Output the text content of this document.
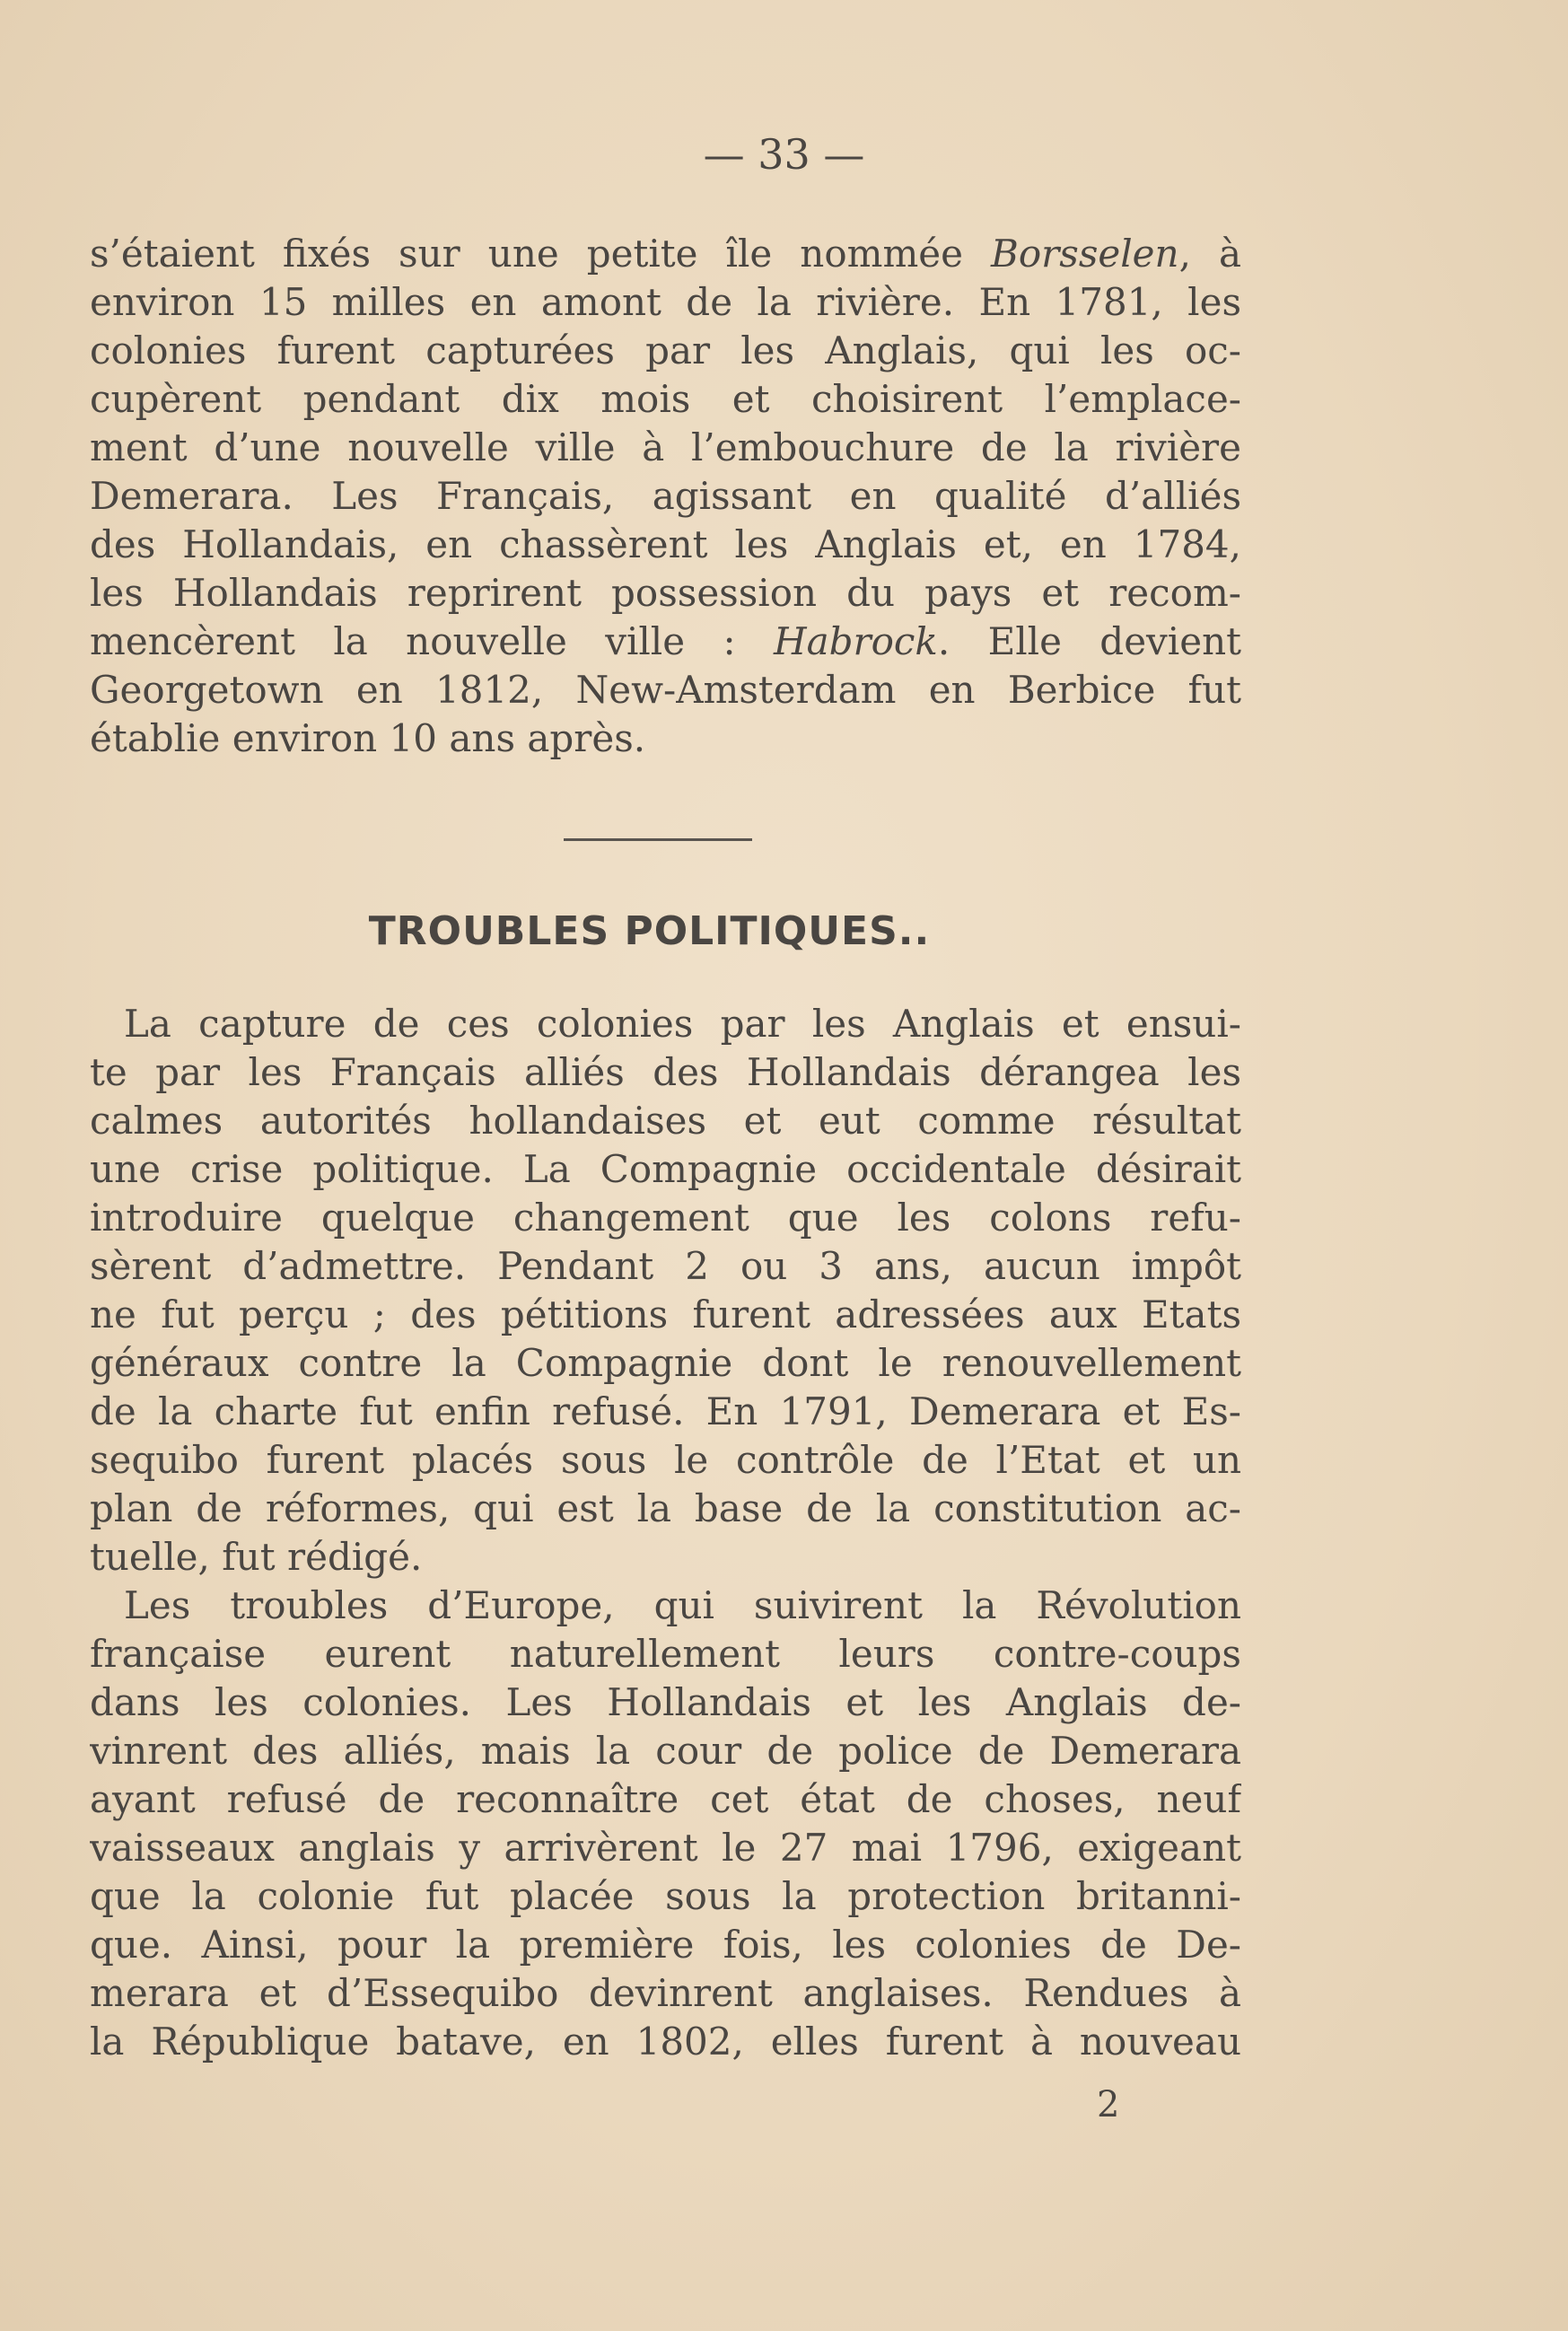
— 33 —
s’étaient fixés sur une petite île nommée Borsselen, à
environ 15 milles en amont de la rivière. En 1781, les
colonies furent capturées par les Anglais, qui les oc-
cupèrent pendant dix mois et choisirent l’emplace-
ment d’une nouvelle ville à l’embouchure de la rivière
Demerara. Les Français, agissant en qualité d’alliés
des Hollandais, en chassèrent les Anglais et, en 1784,
les Hollandais reprirent possession du pays et recom-
mencèrent la nouvelle ville : Habrock. Elle devient
Georgetown en 1812, New-Amsterdam en Berbice fut
établie environ 10 ans après.
TROUBLES POLITIQUES..
La capture de ces colonies par les Anglais et ensui-
te par les Français alliés des Hollandais dérangea les
calmes autorités hollandaises et eut comme résultat
une crise politique. La Compagnie occidentale désirait
introduire quelque changement que les colons refu-
sèrent d’admettre. Pendant 2 ou 3 ans, aucun impôt
ne fut perçu ; des pétitions furent adressées aux Etats
généraux contre la Compagnie dont le renouvellement
de la charte fut enfin refusé. En 1791, Demerara et Es-
sequibo furent placés sous le contrôle de l’Etat et un
plan de réformes, qui est la base de la constitution ac-
tuelle, fut rédigé.
Les troubles d’Europe, qui suivirent la Révolution
française eurent naturellement leurs contre-coups
dans les colonies. Les Hollandais et les Anglais de-
vinrent des alliés, mais la cour de police de Demerara
ayant refusé de reconnaître cet état de choses, neuf
vaisseaux anglais y arrivèrent le 27 mai 1796, exigeant
que la colonie fut placée sous la protection britanni-
que. Ainsi, pour la première fois, les colonies de De-
merara et d’Essequibo devinrent anglaises. Rendues à
la République batave, en 1802, elles furent à nouveau
2
